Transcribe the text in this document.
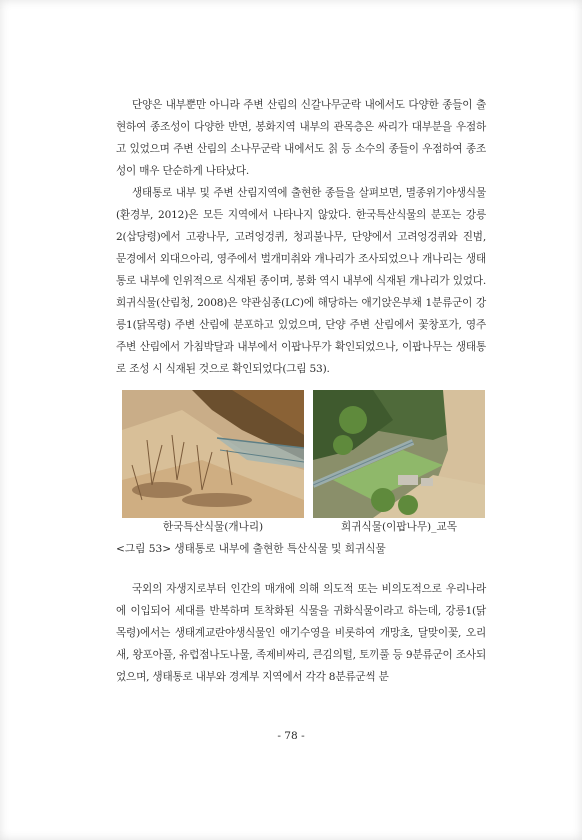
단양은 내부뿐만 아니라 주변 산림의 신갈나무군락 내에서도 다양한 종들이 출현하여 종조성이 다양한 반면, 봉화지역 내부의 관목층은 싸리가 대부분을 우점하고 있었으며 주변 산림의 소나무군락 내에서도 칡 등 소수의 종들이 우점하여 종조성이 매우 단순하게 나타났다.

생태통로 내부 및 주변 산림지역에 출현한 종들을 살펴보면, 멸종위기야생식물(환경부, 2012)은 모든 지역에서 나타나지 않았다. 한국특산식물의 분포는 강릉2(삽당령)에서 고광나무, 고려엉겅퀴, 청괴불나무, 단양에서 고려엉겅퀴와 진범, 문경에서 외대으아리, 영주에서 벌개미취와 개나리가 조사되었으나 개나리는 생태통로 내부에 인위적으로 식재된 종이며, 봉화 역시 내부에 식재된 개나리가 있었다. 희귀식물(산림청, 2008)은 약관심종(LC)에 해당하는 애기앉은부채 1분류군이 강릉1(닭목령) 주변 산림에 분포하고 있었으며, 단양 주변 산림에서 꽃창포가, 영주 주변 산림에서 가침박달과 내부에서 이팝나무가 확인되었으나, 이팝나무는 생태통로 조성 시 식재된 것으로 확인되었다(그림 53).

한국특산식물(개나리)	희귀식물(이팝나무)_교목
<그림 53> 생태통로 내부에 출현한 특산식물 및 희귀식물

국외의 자생지로부터 인간의 매개에 의해 의도적 또는 비의도적으로 우리나라에 이입되어 세대를 반복하며 토착화된 식물을 귀화식물이라고 하는데, 강릉1(닭목령)에서는 생태계교란야생식물인 애기수영을 비롯하여 개망초, 달맞이꽃, 오리새, 왕포아풀, 유럽점나도나물, 족제비싸리, 큰김의털, 토끼풀 등 9분류군이 조사되었으며, 생태통로 내부와 경계부 지역에서 각각 8분류군씩 분

- 78 -
